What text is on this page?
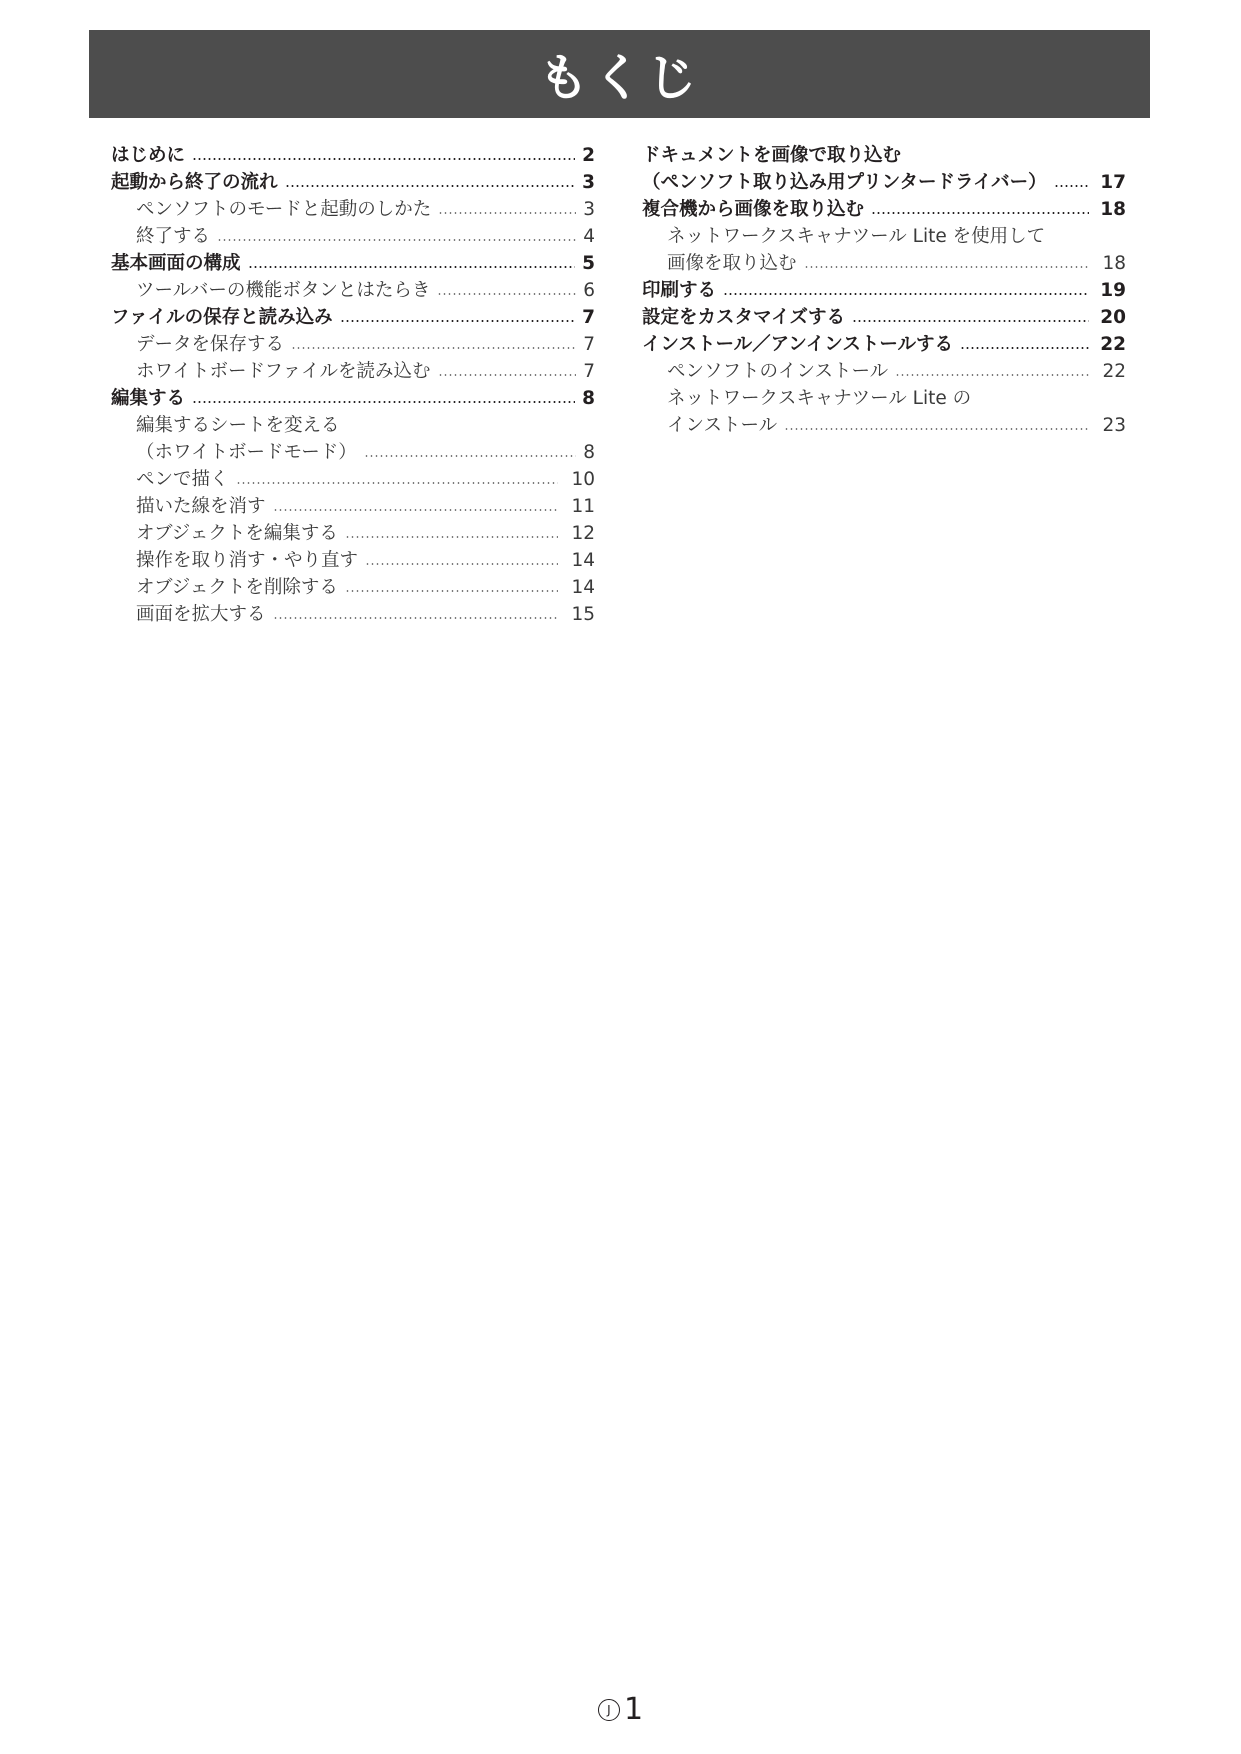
もくじ
はじめに	2
起動から終了の流れ	3
ペンソフトのモードと起動のしかた	3
終了する	4
基本画面の構成	5
ツールバーの機能ボタンとはたらき	6
ファイルの保存と読み込み	7
データを保存する	7
ホワイトボードファイルを読み込む	7
編集する	8
編集するシートを変える
（ホワイトボードモード）	8
ペンで描く	10
描いた線を消す	11
オブジェクトを編集する	12
操作を取り消す・やり直す	14
オブジェクトを削除する	14
画面を拡大する	15
ドキュメントを画像で取り込む
（ペンソフト取り込み用プリンタードライバー）	17
複合機から画像を取り込む	18
ネットワークスキャナツール Lite を使用して
画像を取り込む	18
印刷する	19
設定をカスタマイズする	20
インストール／アンインストールする	22
ペンソフトのインストール	22
ネットワークスキャナツール Lite の
インストール	23
J 1
